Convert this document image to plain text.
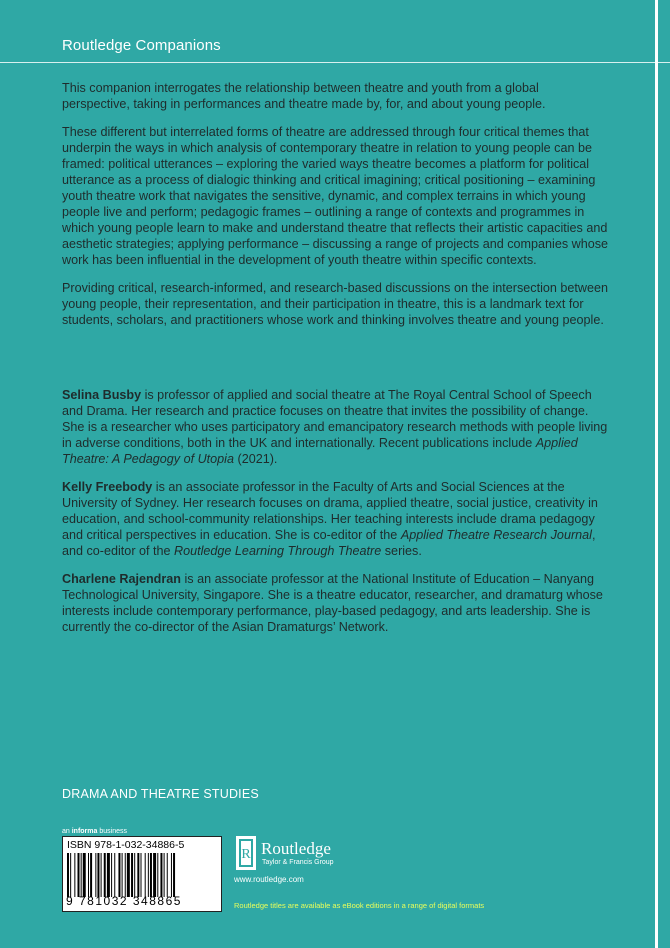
Routledge Companions

This companion interrogates the relationship between theatre and youth from a global perspective, taking in performances and theatre made by, for, and about young people.

These different but interrelated forms of theatre are addressed through four critical themes that underpin the ways in which analysis of contemporary theatre in relation to young people can be framed: political utterances – exploring the varied ways theatre becomes a platform for political utterance as a process of dialogic thinking and critical imagining; critical positioning – examining youth theatre work that navigates the sensitive, dynamic, and complex terrains in which young people live and perform; pedagogic frames – outlining a range of contexts and programmes in which young people learn to make and understand theatre that reflects their artistic capacities and aesthetic strategies; applying performance – discussing a range of projects and companies whose work has been influential in the development of youth theatre within specific contexts.

Providing critical, research-informed, and research-based discussions on the intersection between young people, their representation, and their participation in theatre, this is a landmark text for students, scholars, and practitioners whose work and thinking involves theatre and young people.

Selina Busby is professor of applied and social theatre at The Royal Central School of Speech and Drama. Her research and practice focuses on theatre that invites the possibility of change. She is a researcher who uses participatory and emancipatory research methods with people living in adverse conditions, both in the UK and internationally. Recent publications include Applied Theatre: A Pedagogy of Utopia (2021).

Kelly Freebody is an associate professor in the Faculty of Arts and Social Sciences at the University of Sydney. Her research focuses on drama, applied theatre, social justice, creativity in education, and school-community relationships. Her teaching interests include drama pedagogy and critical perspectives in education. She is co-editor of the Applied Theatre Research Journal, and co-editor of the Routledge Learning Through Theatre series.

Charlene Rajendran is an associate professor at the National Institute of Education – Nanyang Technological University, Singapore. She is a theatre educator, researcher, and dramaturg whose interests include contemporary performance, play-based pedagogy, and arts leadership. She is currently the co-director of the Asian Dramaturgs’ Network.

DRAMA AND THEATRE STUDIES
an informa business
ISBN 978-1-032-34886-5
9 781032 348865
R Routledge
Taylor & Francis Group
www.routledge.com
Routledge titles are available as eBook editions in a range of digital formats
